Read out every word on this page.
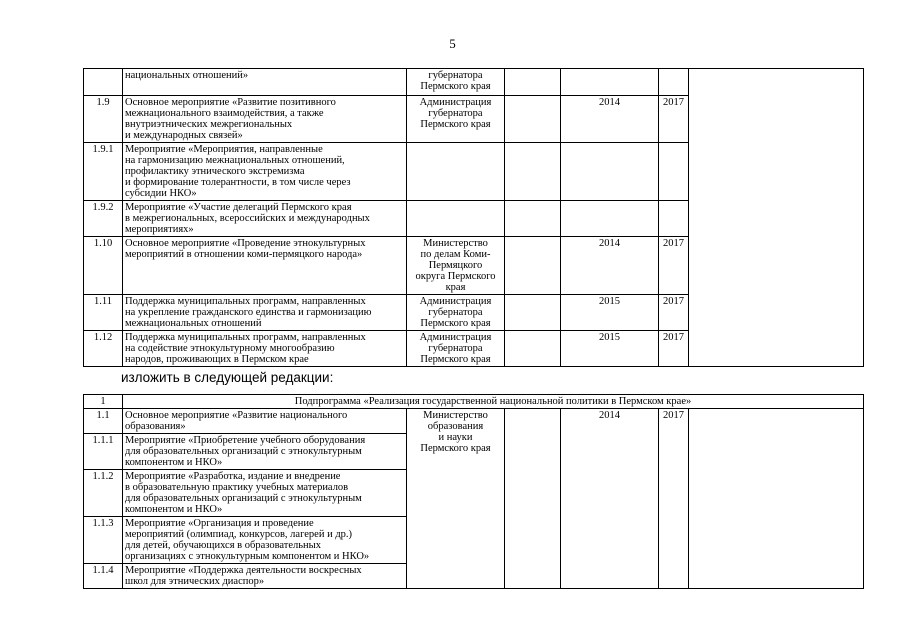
5

	национальных отношений»	губернатора
Пермского края				

1.9	Основное мероприятие «Развитие позитивного
межнационального взаимодействия, а также
внутриэтнических межрегиональных
и международных связей»	Администрация
губернатора
Пермского края		2014	2017	
1.9.1	Мероприятие «Мероприятия, направленные
на гармонизацию межнациональных отношений,
профилактику этнического экстремизма
и формирование толерантности, в том числе через
субсидии НКО»					

1.9.2	Мероприятие «Участие делегаций Пермского края
в межрегиональных, всероссийских и международных
мероприятиях»					

1.10	Основное мероприятие «Проведение этнокультурных
мероприятий в отношении коми-пермяцкого народа»	Министерство
по делам Коми-
Пермяцкого
округа Пермского
края		2014	2017	
1.11	Поддержка муниципальных программ, направленных
на укрепление гражданского единства и гармонизацию
межнациональных отношений	Администрация
губернатора
Пермского края		2015	2017	
1.12	Поддержка муниципальных программ, направленных
на содействие этнокультурному многообразию
народов, проживающих в Пермском крае	Администрация
губернатора
Пермского края		2015	2017	
изложить в следующей редакции:
1	Подпрограмма «Реализация государственной национальной политики в Пермском крае»					
1.1	Основное мероприятие «Развитие национального
образования»	Министерство
образования
и науки
Пермского края		2014	2017	
1.1.1	Мероприятие «Приобретение учебного оборудования
для образовательных организаций с этнокультурным
компонентом и НКО»					

1.1.2	Мероприятие «Разработка, издание и внедрение
в образовательную практику учебных материалов
для образовательных организаций с этнокультурным
компонентом и НКО»					

1.1.3	Мероприятие «Организация и проведение
мероприятий (олимпиад, конкурсов, лагерей и др.)
для детей, обучающихся в образовательных
организациях с этнокультурным компонентом и НКО»					

1.1.4	Мероприятие «Поддержка деятельности воскресных
школ для этнических диаспор»					
